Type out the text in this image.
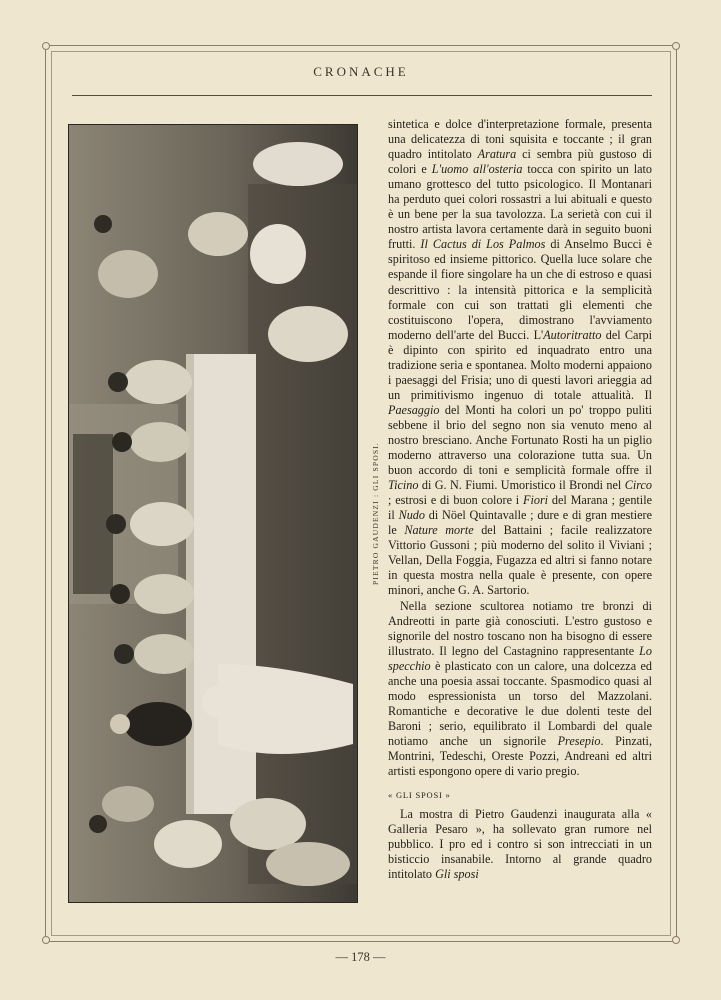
CRONACHE
PIETRO GAUDENZI : GLI SPOSI.

sintetica e dolce d'interpretazione formale, presenta una delicatezza di toni squisita e toccante ; il gran quadro intitolato Aratura ci sembra più gustoso di colori e L'uomo all'osteria tocca con spirito un lato umano grottesco del tutto psicologico. Il Montanari ha perduto quei colori rossastri a lui abituali e questo è un bene per la sua tavolozza. La serietà con cui il nostro artista lavora certamente darà in seguito buoni frutti. Il Cactus di Los Palmos di Anselmo Bucci è spiritoso ed insieme pittorico. Quella luce solare che espande il fiore singolare ha un che di estroso e quasi descrittivo : la intensità pittorica e la semplicità formale con cui son trattati gli elementi che costituiscono l'opera, dimostrano l'avviamento moderno dell'arte del Bucci. L'Autoritratto del Carpi è dipinto con spirito ed inquadrato entro una tradizione seria e spontanea. Molto moderni appaiono i paesaggi del Frisia; uno di questi lavori arieggia ad un primitivismo ingenuo di totale attualità. Il Paesaggio del Monti ha colori un po' troppo puliti sebbene il brio del segno non sia venuto meno al nostro bresciano. Anche Fortunato Rosti ha un piglio moderno attraverso una colorazione tutta sua. Un buon accordo di toni e semplicità formale offre il Ticino di G. N. Fiumi. Umoristico il Brondi nel Circo ; estrosi e di buon colore i Fiori del Marana ; gentile il Nudo di Nöel Quintavalle ; dure e di gran mestiere le Nature morte del Battaini ; facile realizzatore Vittorio Gussoni ; più moderno del solito il Viviani ; Vellan, Della Foggia, Fugazza ed altri si fanno notare in questa mostra nella quale è presente, con opere minori, anche G. A. Sartorio.

Nella sezione scultorea notiamo tre bronzi di Andreotti in parte già conosciuti. L'estro gustoso e signorile del nostro toscano non ha bisogno di essere illustrato. Il legno del Castagnino rappresentante Lo specchio è plasticato con un calore, una dolcezza ed anche una poesia assai toccante. Spasmodico quasi al modo espressionista un torso del Mazzolani. Romantiche e decorative le due dolenti teste del Baroni ; serio, equilibrato il Lombardi del quale notiamo anche un signorile Presepio. Pinzati, Montrini, Tedeschi, Oreste Pozzi, Andreani ed altri artisti espongono opere di vario pregio.

« GLI SPOSI »

La mostra di Pietro Gaudenzi inaugurata alla « Galleria Pesaro », ha sollevato gran rumore nel pubblico. I pro ed i contro si son intrecciati in un bisticcio insanabile. Intorno al grande quadro intitolato Gli sposi

— 178 —
